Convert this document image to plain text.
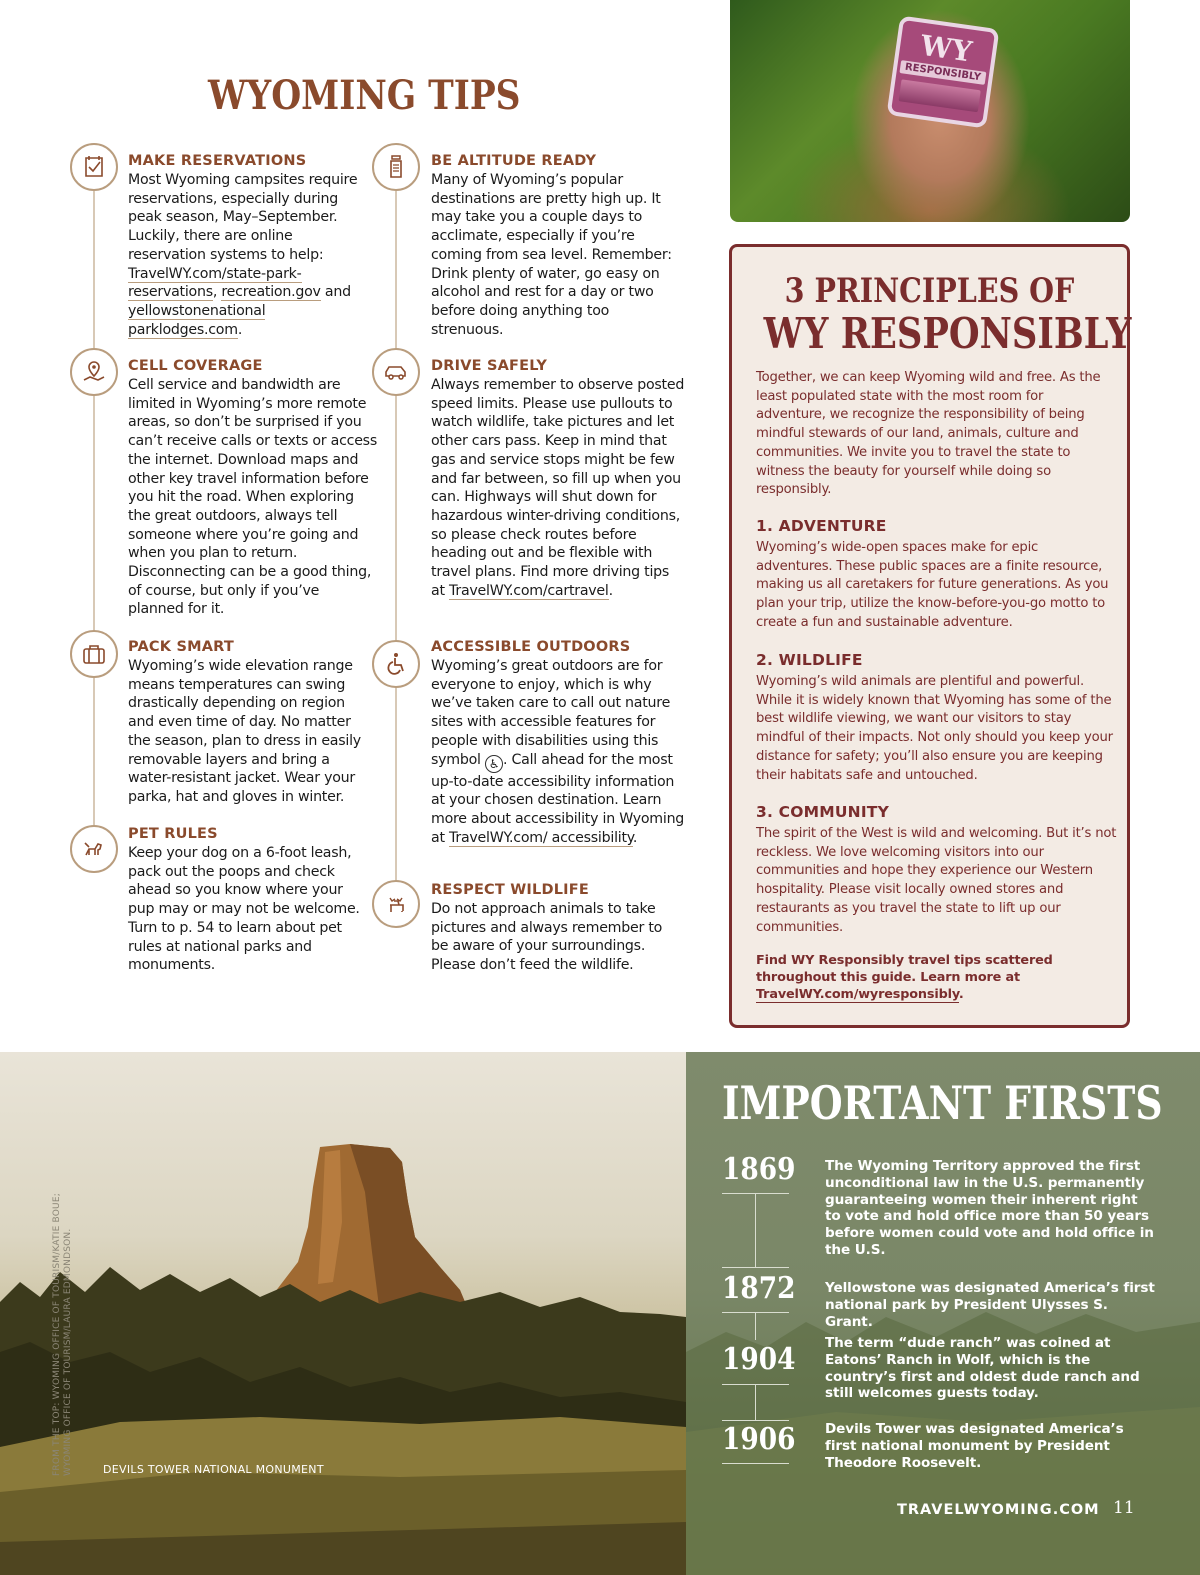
WYOMING TIPS
MAKE RESERVATIONS
Most Wyoming campsites require reservations, especially during peak season, May–September. Luckily, there are online reservation systems to help: TravelWY.com/state-park-reservations, recreation.gov and yellowstonenational parklodges.com.
CELL COVERAGE
Cell service and bandwidth are limited in Wyoming’s more remote areas, so don’t be surprised if you can’t receive calls or texts or access the internet. Download maps and other key travel information before you hit the road. When exploring the great outdoors, always tell someone where you’re going and when you plan to return. Disconnecting can be a good thing, of course, but only if you’ve planned for it.
PACK SMART
Wyoming’s wide elevation range means temperatures can swing drastically depending on region and even time of day. No matter the season, plan to dress in easily removable layers and bring a water-resistant jacket. Wear your parka, hat and gloves in winter.
PET RULES
Keep your dog on a 6-foot leash, pack out the poops and check ahead so you know where your pup may or may not be welcome. Turn to p. 54 to learn about pet rules at national parks and monuments.
BE ALTITUDE READY
Many of Wyoming’s popular destinations are pretty high up. It may take you a couple days to acclimate, especially if you’re coming from sea level. Remember: Drink plenty of water, go easy on alcohol and rest for a day or two before doing anything too strenuous.
DRIVE SAFELY
Always remember to observe posted speed limits. Please use pullouts to watch wildlife, take pictures and let other cars pass. Keep in mind that gas and service stops might be few and far between, so fill up when you can. Highways will shut down for hazardous winter-driving conditions, so please check routes before heading out and be flexible with travel plans. Find more driving tips at TravelWY.com/cartravel.
ACCESSIBLE OUTDOORS
Wyoming’s great outdoors are for everyone to enjoy, which is why we’ve taken care to call out nature sites with accessible features for people with disabilities using this symbol ♿ . Call ahead for the most up-to-date accessibility information at your chosen destination. Learn more about accessibility in Wyoming at TravelWY.com/ accessibility.
RESPECT WILDLIFE
Do not approach animals to take pictures and always remember to be aware of your surroundings. Please don’t feed the wildlife.
WY
RESPONSIBLY
3 PRINCIPLES OF
WY RESPONSIBLY
Together, we can keep Wyoming wild and free. As the least populated state with the most room for adventure, we recognize the responsibility of being mindful stewards of our land, animals, culture and communities. We invite you to travel the state to witness the beauty for yourself while doing so responsibly.
1. ADVENTURE
Wyoming’s wide-open spaces make for epic adventures. These public spaces are a finite resource, making us all caretakers for future generations. As you plan your trip, utilize the know-before-you-go motto to create a fun and sustainable adventure.
2. WILDLIFE
Wyoming’s wild animals are plentiful and powerful. While it is widely known that Wyoming has some of the best wildlife viewing, we want our visitors to stay mindful of their impacts. Not only should you keep your distance for safety; you’ll also ensure you are keeping their habitats safe and untouched.
3. COMMUNITY
The spirit of the West is wild and welcoming. But it’s not reckless. We love welcoming visitors into our communities and hope they experience our Western hospitality. Please visit locally owned stores and restaurants as you travel the state to lift up our communities.
Find WY Responsibly travel tips scattered throughout this guide. Learn more at TravelWY.com/wyresponsibly.
DEVILS TOWER NATIONAL MONUMENT
IMPORTANT FIRSTS
1869 The Wyoming Territory approved the first unconditional law in the U.S. permanently guaranteeing women their inherent right to vote and hold office more than 50 years before women could vote and hold office in the U.S.
1872 Yellowstone was designated America’s first national park by President Ulysses S. Grant.
1904 The term “dude ranch” was coined at Eatons’ Ranch in Wolf, which is the country’s first and oldest dude ranch and still welcomes guests today.
1906 Devils Tower was designated America’s first national monument by President Theodore Roosevelt.
TRAVELWYOMING.COM 11
